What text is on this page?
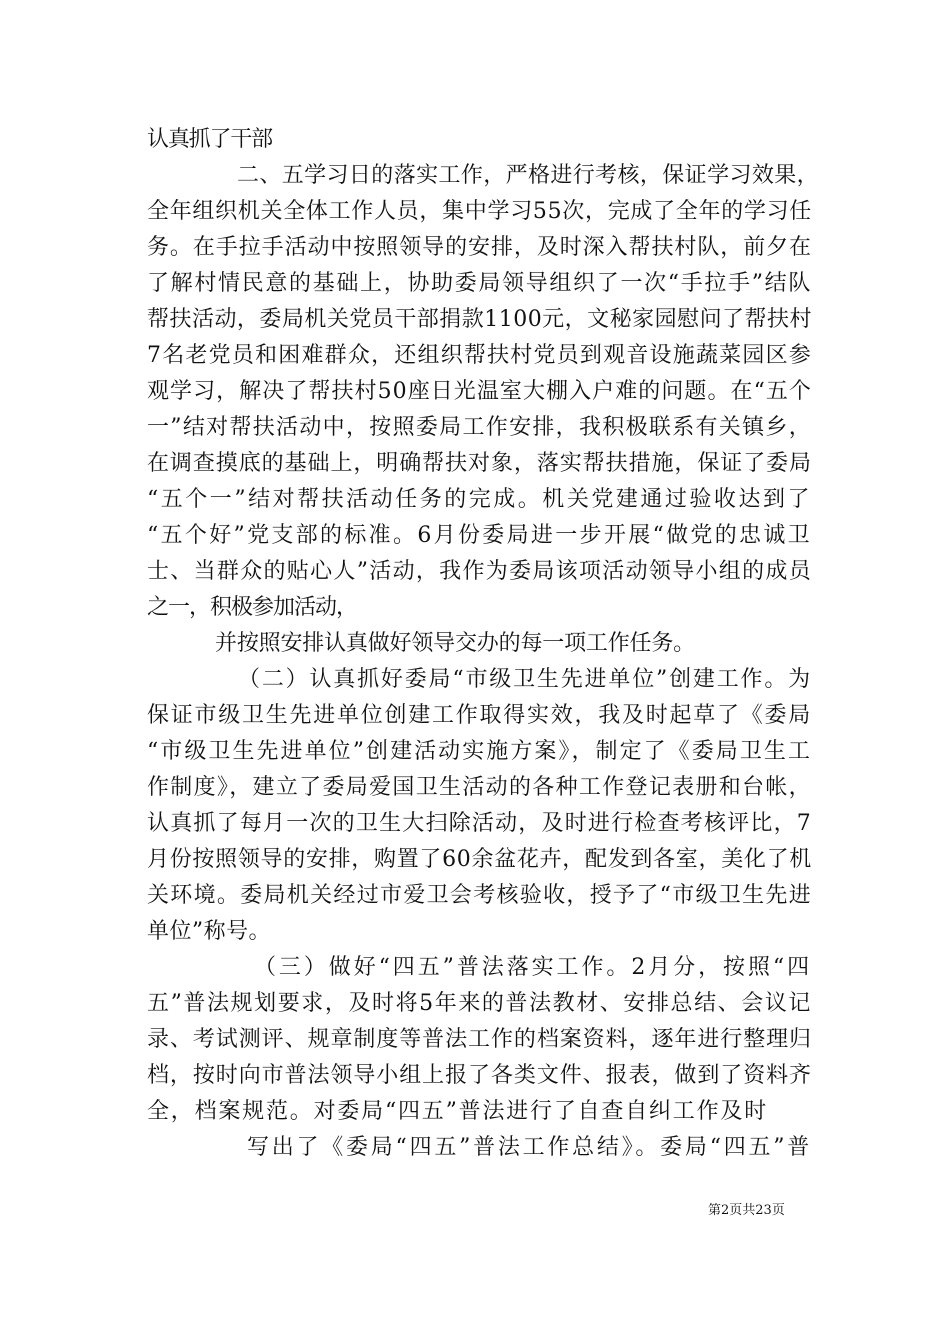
认真抓了干部
二、五学习日的落实工作，严格进行考核，保证学习效果，
全年组织机关全体工作人员，集中学习55次，完成了全年的学习任
务。在手拉手活动中按照领导的安排，及时深入帮扶村队，前夕在
了解村情民意的基础上，协助委局领导组织了一次“手拉手”结队
帮扶活动，委局机关党员干部捐款1100元，文秘家园慰问了帮扶村
7名老党员和困难群众，还组织帮扶村党员到观音设施蔬菜园区参
观学习，解决了帮扶村50座日光温室大棚入户难的问题。在“五个
一”结对帮扶活动中，按照委局工作安排，我积极联系有关镇乡，
在调查摸底的基础上，明确帮扶对象，落实帮扶措施，保证了委局
“五个一”结对帮扶活动任务的完成。机关党建通过验收达到了
“五个好”党支部的标准。6月份委局进一步开展“做党的忠诚卫
士、当群众的贴心人”活动，我作为委局该项活动领导小组的成员
之一，积极参加活动，
并按照安排认真做好领导交办的每一项工作任务。
（二）认真抓好委局“市级卫生先进单位”创建工作。为
保证市级卫生先进单位创建工作取得实效，我及时起草了《委局
“市级卫生先进单位”创建活动实施方案》，制定了《委局卫生工
作制度》，建立了委局爱国卫生活动的各种工作登记表册和台帐，
认真抓了每月一次的卫生大扫除活动，及时进行检查考核评比，7
月份按照领导的安排，购置了60余盆花卉，配发到各室，美化了机
关环境。委局机关经过市爱卫会考核验收，授予了“市级卫生先进
单位”称号。
（三）做好“四五”普法落实工作。2月分，按照“四
五”普法规划要求，及时将5年来的普法教材、安排总结、会议记
录、考试测评、规章制度等普法工作的档案资料，逐年进行整理归
档，按时向市普法领导小组上报了各类文件、报表，做到了资料齐
全，档案规范。对委局“四五”普法进行了自查自纠工作及时
写出了《委局“四五”普法工作总结》。委局“四五”普
第2页共23页
